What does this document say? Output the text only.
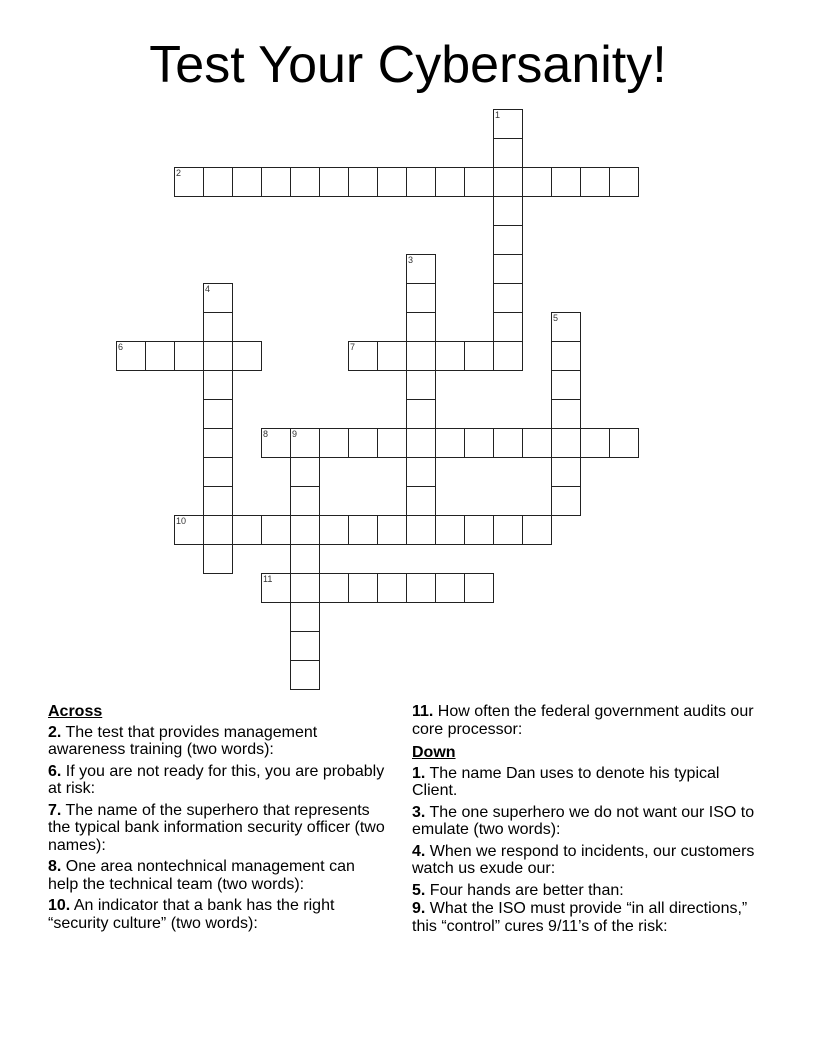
Test Your Cybersanity!
1
2
3
4
5
6	7
8	9
10
11
Across
2. The test that provides management awareness training (two words):
6. If you are not ready for this, you are probably at risk:
7. The name of the superhero that represents the typical bank information security officer (two names):
8. One area nontechnical management can help the technical team (two words):
10. An indicator that a bank has the right “security culture” (two words):
11. How often the federal government audits our core processor:
Down
1. The name Dan uses to denote his typical Client.
3. The one superhero we do not want our ISO to emulate (two words):
4. When we respond to incidents, our customers watch us exude our:
5. Four hands are better than:
9. What the ISO must provide “in all directions,” this “control” cures 9/11’s of the risk:
